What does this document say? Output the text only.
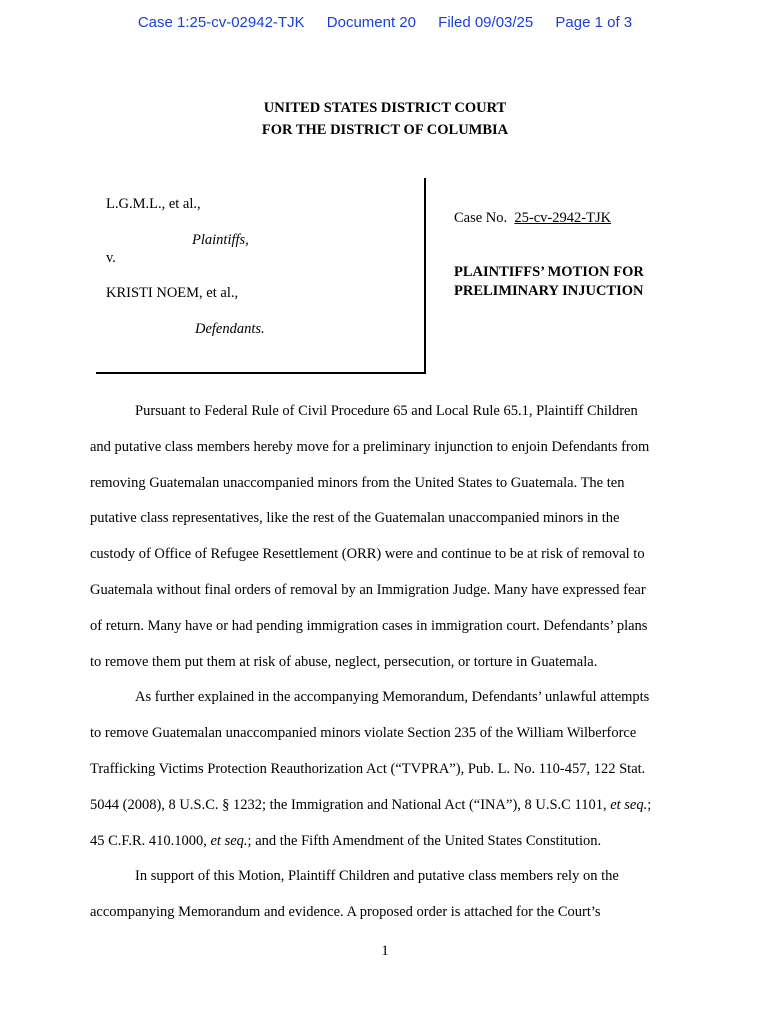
Case 1:25-cv-02942-TJK Document 20 Filed 09/03/25 Page 1 of 3
UNITED STATES DISTRICT COURT
FOR THE DISTRICT OF COLUMBIA
L.G.M.L., et al.,
Plaintiffs,
v.
KRISTI NOEM, et al.,
Defendants.
Case No. 25-cv-2942-TJK
PLAINTIFFS’ MOTION FOR
PRELIMINARY INJUCTION
Pursuant to Federal Rule of Civil Procedure 65 and Local Rule 65.1, Plaintiff Children
and putative class members hereby move for a preliminary injunction to enjoin Defendants from
removing Guatemalan unaccompanied minors from the United States to Guatemala. The ten
putative class representatives, like the rest of the Guatemalan unaccompanied minors in the
custody of Office of Refugee Resettlement (ORR) were and continue to be at risk of removal to
Guatemala without final orders of removal by an Immigration Judge. Many have expressed fear
of return. Many have or had pending immigration cases in immigration court. Defendants’ plans
to remove them put them at risk of abuse, neglect, persecution, or torture in Guatemala.
As further explained in the accompanying Memorandum, Defendants’ unlawful attempts
to remove Guatemalan unaccompanied minors violate Section 235 of the William Wilberforce
Trafficking Victims Protection Reauthorization Act (“TVPRA”), Pub. L. No. 110-457, 122 Stat.
5044 (2008), 8 U.S.C. § 1232; the Immigration and National Act (“INA”), 8 U.S.C 1101, et seq.;
45 C.F.R. 410.1000, et seq.; and the Fifth Amendment of the United States Constitution.
In support of this Motion, Plaintiff Children and putative class members rely on the
accompanying Memorandum and evidence. A proposed order is attached for the Court’s
1
